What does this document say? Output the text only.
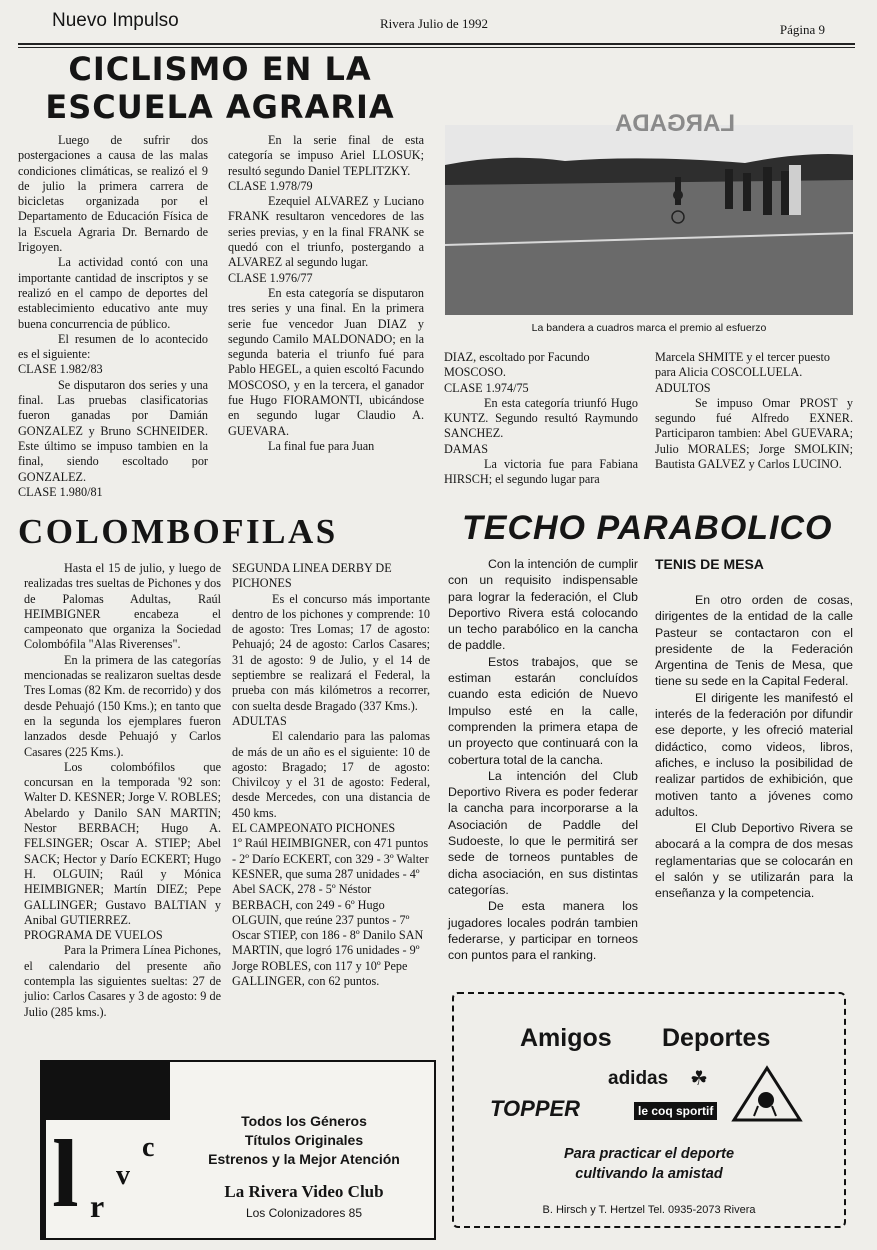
Nuevo Impulso	Rivera Julio de 1992	Página 9
CICLISMO EN LA
ESCUELA AGRARIA

Luego de sufrir dos postergaciones a causa de las malas condiciones climáticas, se realizó el 9 de julio la primera carrera de bicicletas organizada por el Departamento de Educación Física de la Escuela Agraria Dr. Bernardo de Irigoyen.

La actividad contó con una importante cantidad de inscriptos y se realizó en el campo de deportes del establecimiento educativo ante muy buena concurrencia de público.

El resumen de lo acontecido es el siguiente:

CLASE 1.982/83

Se disputaron dos series y una final. Las pruebas clasificatorias fueron ganadas por Damián GONZALEZ y Bruno SCHNEIDER. Este último se impuso tambien en la final, siendo escoltado por GONZALEZ.

CLASE 1.980/81

En la serie final de esta categoría se impuso Ariel LLOSUK; resultó segundo Daniel TEPLITZKY.

CLASE 1.978/79

Ezequiel ALVAREZ y Luciano FRANK resultaron vencedores de las series previas, y en la final FRANK se quedó con el triunfo, postergando a ALVAREZ al segundo lugar.

CLASE 1.976/77

En esta categoría se disputaron tres series y una final. En la primera serie fue vencedor Juan DIAZ y segundo Camilo MALDONADO; en la segunda bateria el triunfo fué para Pablo HEGEL, a quien escoltó Facundo MOSCOSO, y en la tercera, el ganador fue Hugo FIORAMONTI, ubicándose en segundo lugar Claudio A. GUEVARA.

La final fue para Juan

LARGADA
La bandera a cuadros marca el premio al esfuerzo

DIAZ, escoltado por Facundo MOSCOSO.

CLASE 1.974/75

En esta categoría triunfó Hugo KUNTZ. Segundo resultó Raymundo SANCHEZ.

DAMAS

La victoria fue para Fabiana HIRSCH; el segundo lugar para

Marcela SHMITE y el tercer puesto para Alicia COSCOLLUELA.

ADULTOS

Se impuso Omar PROST y segundo fué Alfredo EXNER. Participaron tambien: Abel GUEVARA; Julio MORALES; Jorge SMOLKIN; Bautista GALVEZ y Carlos LUCINO.

COLOMBOFILAS

Hasta el 15 de julio, y luego de realizadas tres sueltas de Pichones y dos de Palomas Adultas, Raúl HEIMBIGNER encabeza el campeonato que organiza la Sociedad Colombófila "Alas Riverenses".

En la primera de las categorías mencionadas se realizaron sueltas desde Tres Lomas (82 Km. de recorrido) y dos desde Pehuajó (150 Kms.); en tanto que en la segunda los ejemplares fueron lanzados desde Pehuajó y Carlos Casares (225 Kms.).

Los colombófilos que concursan en la temporada '92 son: Walter D. KESNER; Jorge V. ROBLES; Abelardo y Danilo SAN MARTIN; Nestor BERBACH; Hugo A. FELSINGER; Oscar A. STIEP; Abel SACK; Hector y Darío ECKERT; Hugo H. OLGUIN; Raúl y Mónica HEIMBIGNER; Martín DIEZ; Pepe GALLINGER; Gustavo BALTIAN y Anibal GUTIERREZ.

PROGRAMA DE VUELOS

Para la Primera Línea Pichones, el calendario del presente año contempla las siguientes sueltas: 27 de julio: Carlos Casares y 3 de agosto: 9 de Julio (285 kms.).

SEGUNDA LINEA DERBY DE PICHONES

Es el concurso más importante dentro de los pichones y comprende: 10 de agosto: Tres Lomas; 17 de agosto: Pehuajó; 24 de agosto: Carlos Casares; 31 de agosto: 9 de Julio, y el 14 de septiembre se realizará el Federal, la prueba con más kilómetros a recorrer, con suelta desde Bragado (337 Kms.).

ADULTAS

El calendario para las palomas de más de un año es el siguiente: 10 de agosto: Bragado; 17 de agosto: Chivilcoy y el 31 de agosto: Federal, desde Mercedes, con una distancia de 450 kms.

EL CAMPEONATO PICHONES

1º Raúl HEIMBIGNER, con 471 puntos - 2º Darío ECKERT, con 329 - 3º Walter KESNER, que suma 287 unidades - 4º Abel SACK, 278 - 5º Néstor BERBACH, con 249 - 6º Hugo OLGUIN, que reúne 237 puntos - 7º Oscar STIEP, con 186 - 8º Danilo SAN MARTIN, que logró 176 unidades - 9º Jorge ROBLES, con 117 y 10º Pepe GALLINGER, con 62 puntos.

TECHO PARABOLICO

Con la intención de cumplir con un requisito indispensable para lograr la federación, el Club Deportivo Rivera está colocando un techo parabólico en la cancha de paddle.

Estos trabajos, que se estiman estarán concluídos cuando esta edición de Nuevo Impulso esté en la calle, comprenden la primera etapa de un proyecto que continuará con la cobertura total de la cancha.

La intención del Club Deportivo Rivera es poder federar la cancha para incorporarse a la Asociación de Paddle del Sudoeste, lo que le permitirá ser sede de torneos puntables de dicha asociación, en sus distintas categorías.

De esta manera los jugadores locales podrán tambien federarse, y participar en torneos con puntos para el ranking.

TENIS DE MESA

En otro orden de cosas, dirigentes de la entidad de la calle Pasteur se contactaron con el presidente de la Federación Argentina de Tenis de Mesa, que tiene su sede en la Capital Federal.

El dirigente les manifestó el interés de la federación por difundir ese deporte, y les ofreció material didáctico, como videos, libros, afiches, e incluso la posibilidad de realizar partidos de exhibición, que motiven tanto a jóvenes como adultos.

El Club Deportivo Rivera se abocará a la compra de dos mesas reglamentarias que se colocarán en el salón y se utilizarán para la enseñanza y la competencia.

l r
v
c
Todos los Géneros
Títulos Originales
Estrenos y la Mejor Atención
La Rivera Video Club
Los Colonizadores 85
Amigos Deportes
adidas ☘
TOPPER	le coq sportif
Para practicar el deporte
cultivando la amistad
B. Hirsch y T. Hertzel Tel. 0935-2073 Rivera
